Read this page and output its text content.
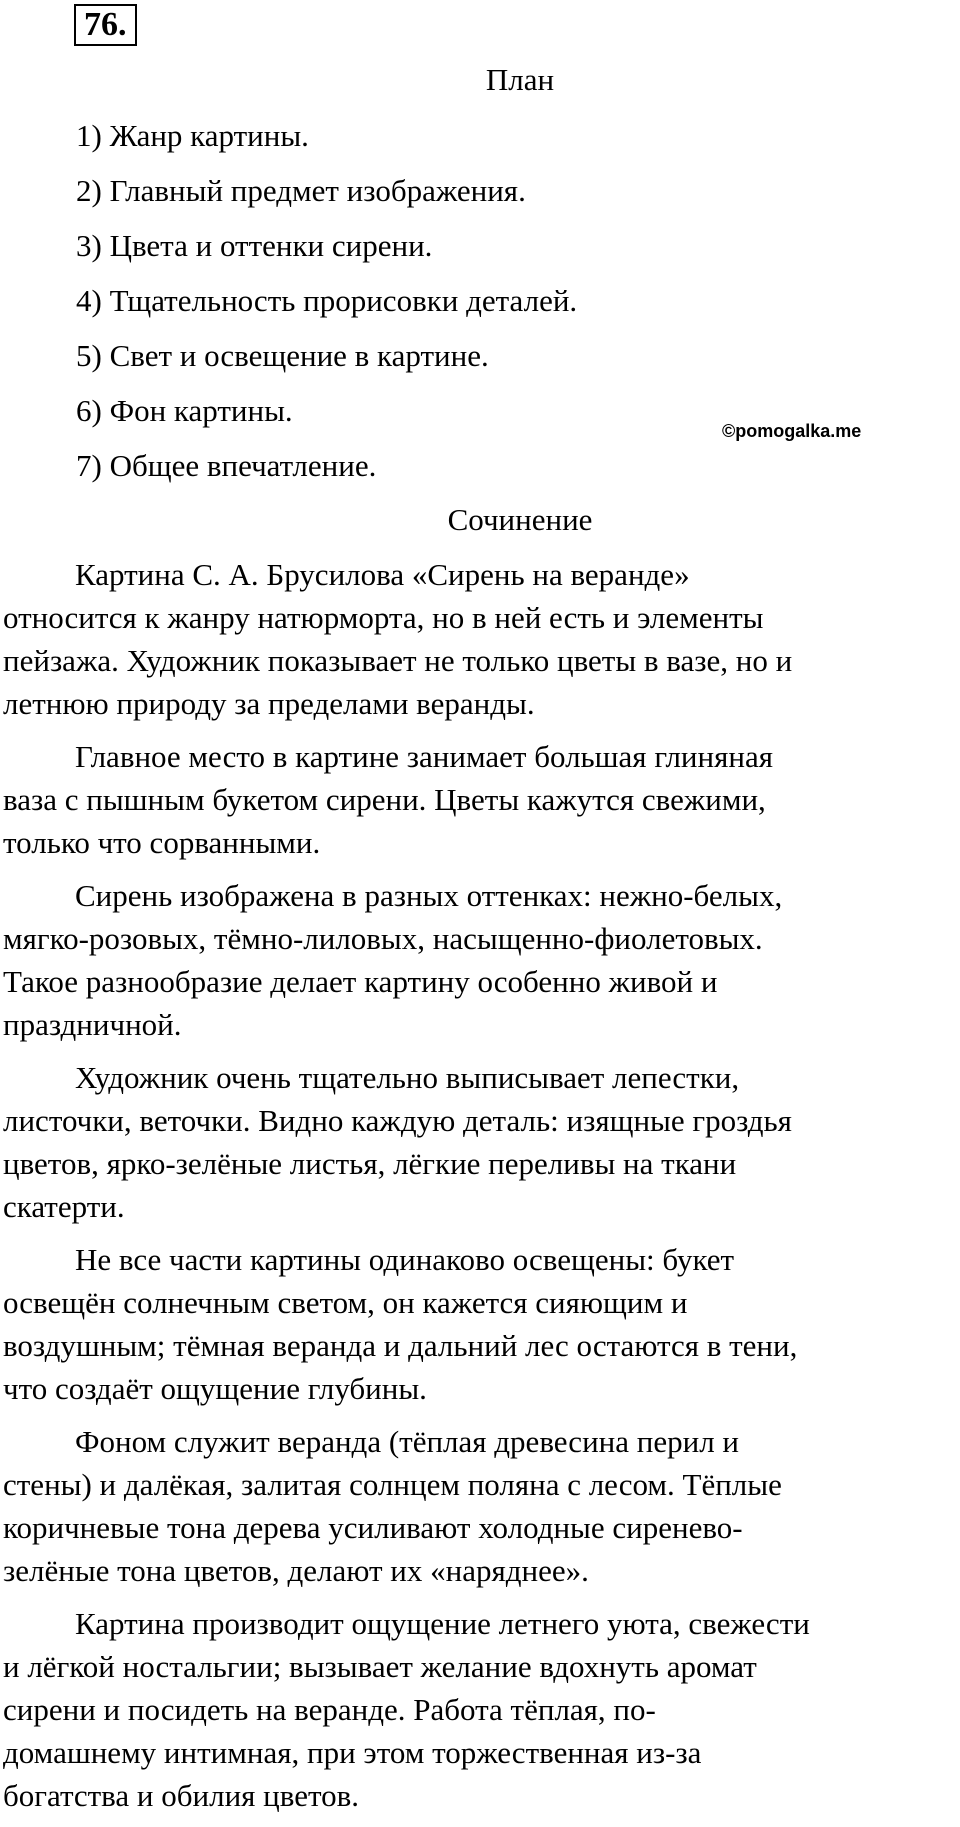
76.
План
1) Жанр картины.
2) Главный предмет изображения.
3) Цвета и оттенки сирени.
4) Тщательность прорисовки деталей.
5) Свет и освещение в картине.
6) Фон картины.
7) Общее впечатление.
©pomogalka.me
Сочинение

Картина С. А. Брусилова «Сирень на веранде»
относится к жанру натюрморта, но в ней есть и элементы
пейзажа. Художник показывает не только цветы в вазе, но и
летнюю природу за пределами веранды.

Главное место в картине занимает большая глиняная
ваза с пышным букетом сирени. Цветы кажутся свежими,
только что сорванными.

Сирень изображена в разных оттенках: нежно-белых,
мягко-розовых, тёмно-лиловых, насыщенно-фиолетовых.
Такое разнообразие делает картину особенно живой и
праздничной.

Художник очень тщательно выписывает лепестки,
листочки, веточки. Видно каждую деталь: изящные гроздья
цветов, ярко-зелёные листья, лёгкие переливы на ткани
скатерти.

Не все части картины одинаково освещены: букет
освещён солнечным светом, он кажется сияющим и
воздушным; тёмная веранда и дальний лес остаются в тени,
что создаёт ощущение глубины.

Фоном служит веранда (тёплая древесина перил и
стены) и далёкая, залитая солнцем поляна с лесом. Тёплые
коричневые тона дерева усиливают холодные сиренево-
зелёные тона цветов, делают их «наряднее».

Картина производит ощущение летнего уюта, свежести
и лёгкой ностальгии; вызывает желание вдохнуть аромат
сирени и посидеть на веранде. Работа тёплая, по-
домашнему интимная, при этом торжественная из-за
богатства и обилия цветов.
